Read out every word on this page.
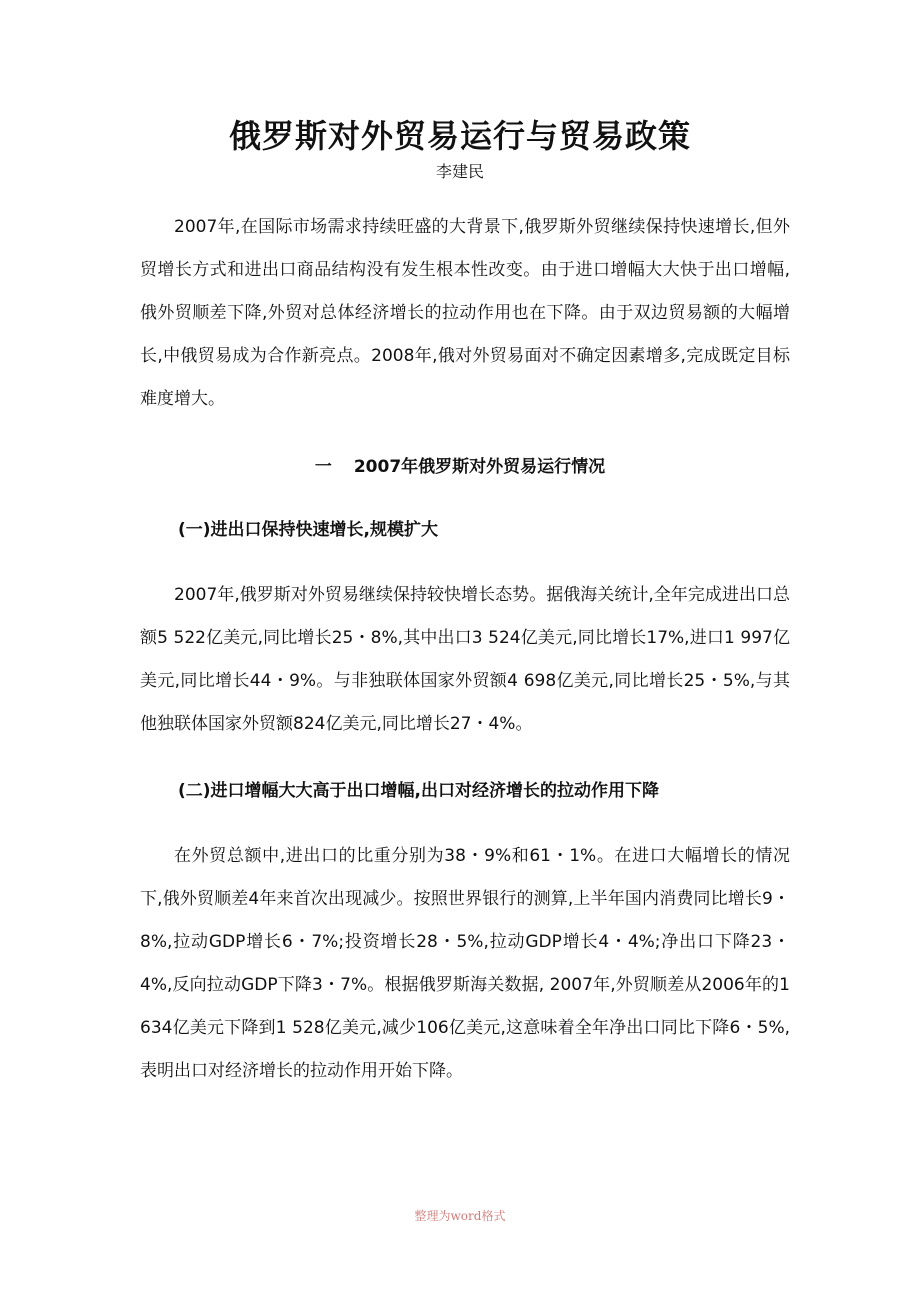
俄罗斯对外贸易运行与贸易政策
李建民

2007年,在国际市场需求持续旺盛的大背景下,俄罗斯外贸继续保持快速增长,但外贸增长方式和进出口商品结构没有发生根本性改变。由于进口增幅大大快于出口增幅,俄外贸顺差下降,外贸对总体经济增长的拉动作用也在下降。由于双边贸易额的大幅增长,中俄贸易成为合作新亮点。2008年,俄对外贸易面对不确定因素增多,完成既定目标难度增大。

一 2007年俄罗斯对外贸易运行情况
(一)进出口保持快速增长,规模扩大

2007年,俄罗斯对外贸易继续保持较快增长态势。据俄海关统计,全年完成进出口总额5 522亿美元,同比增长25・8%,其中出口3 524亿美元,同比增长17%,进口1 997亿美元,同比增长44・9%。与非独联体国家外贸额4 698亿美元,同比增长25・5%,与其他独联体国家外贸额824亿美元,同比增长27・4%。

(二)进口增幅大大高于出口增幅,出口对经济增长的拉动作用下降

在外贸总额中,进出口的比重分别为38・9%和61・1%。在进口大幅增长的情况下,俄外贸顺差4年来首次出现减少。按照世界银行的测算,上半年国内消费同比增长9・8%,拉动GDP增长6・7%;投资增长28・5%,拉动GDP增长4・4%;净出口下降23・4%,反向拉动GDP下降3・7%。根据俄罗斯海关数据, 2007年,外贸顺差从2006年的1 634亿美元下降到1 528亿美元,减少106亿美元,这意味着全年净出口同比下降6・5%,表明出口对经济增长的拉动作用开始下降。

整理为word格式
